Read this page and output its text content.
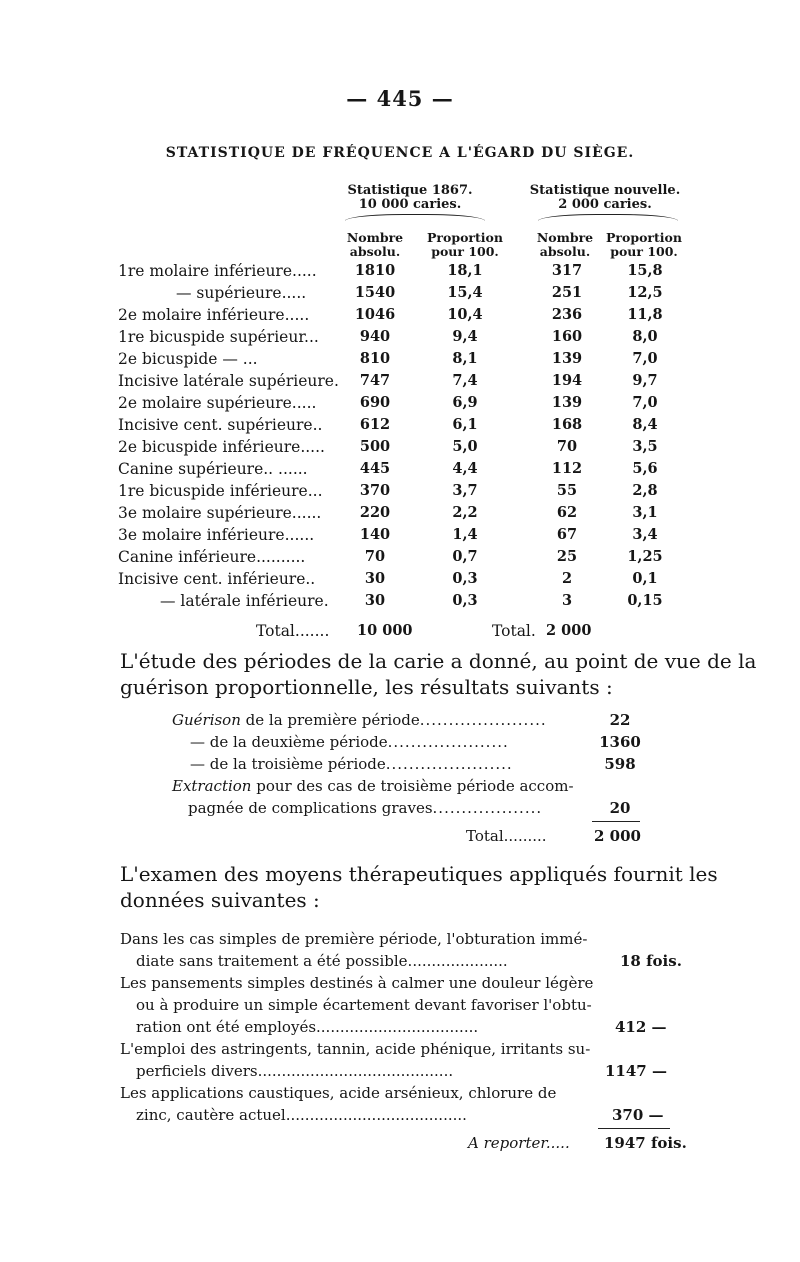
— 445 —
STATISTIQUE DE FRÉQUENCE A L'ÉGARD DU SIÈGE.
Statistique 1867.
10 000 caries.
Statistique nouvelle.
2 000 caries.
Nombre
absolu.
Proportion
pour 100.
Nombre
absolu.
Proportion
pour 100.
1re molaire inférieure.....	1810	18,1	317	15,8
— supérieure.....	1540	15,4	251	12,5
2e molaire inférieure.....	1046	10,4	236	11,8
1re bicuspide supérieur...	940	9,4	160	8,0
2e bicuspide — ...	810	8,1	139	7,0
Incisive latérale supérieure.	747	7,4	194	9,7
2e molaire supérieure.....	690	6,9	139	7,0
Incisive cent. supérieure..	612	6,1	168	8,4
2e bicuspide inférieure.....	500	5,0	70	3,5
Canine supérieure.. ......	445	4,4	112	5,6
1re bicuspide inférieure...	370	3,7	55	2,8
3e molaire supérieure......	220	2,2	62	3,1
3e molaire inférieure......	140	1,4	67	3,4
Canine inférieure..........	70	0,7	25	1,25
Incisive cent. inférieure..	30	0,3	2	0,1
— latérale inférieure.	30	0,3	3	0,15
Total....... 10 000	Total. 2 000
L'étude des périodes de la carie a donné, au point de vue de la
guérison proportionnelle, les résultats suivants :
Guérison de la première période......................	22
— de la deuxième période.....................	1360
— de la troisième période......................	598
Extraction pour des cas de troisième période accom-
pagnée de complications graves...................	20
Total.........	2 000
L'examen des moyens thérapeutiques appliqués fournit les
données suivantes :
Dans les cas simples de première période, l'obturation immé-
diate sans traitement a été possible.....................	18 fois.
Les pansements simples destinés à calmer une douleur légère
ou à produire un simple écartement devant favoriser l'obtu-
ration ont été employés..................................	412 —
L'emploi des astringents, tannin, acide phénique, irritants su-
perficiels divers.........................................	1147 —
Les applications caustiques, acide arsénieux, chlorure de
zinc, cautère actuel......................................	370 —
A reporter..... 1947 fois.
